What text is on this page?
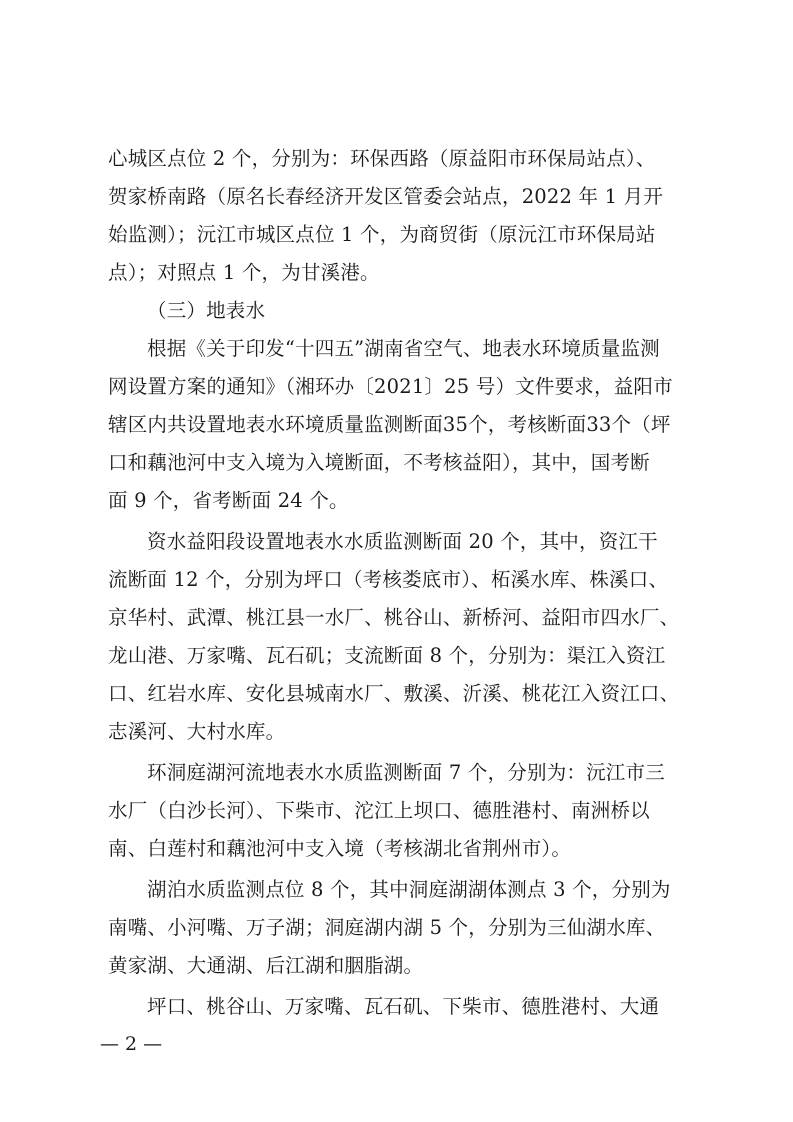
心城区点位 2 个，分别为：环保西路（原益阳市环保局站点）、
贺家桥南路（原名长春经济开发区管委会站点，2022 年 1 月开
始监测）；沅江市城区点位 1 个，为商贸街（原沅江市环保局站
点）；对照点 1 个，为甘溪港。
（三）地表水
根据《关于印发“十四五”湖南省空气、地表水环境质量监测
网设置方案的通知》（湘环办〔2021〕25 号）文件要求，益阳市
辖区内共设置地表水环境质量监测断面35个，考核断面33个（坪
口和藕池河中支入境为入境断面，不考核益阳），其中，国考断
面 9 个，省考断面 24 个。
资水益阳段设置地表水水质监测断面 20 个，其中，资江干
流断面 12 个，分别为坪口（考核娄底市）、柘溪水库、株溪口、
京华村、武潭、桃江县一水厂、桃谷山、新桥河、益阳市四水厂、
龙山港、万家嘴、瓦石矶；支流断面 8 个，分别为：渠江入资江
口、红岩水库、安化县城南水厂、敷溪、沂溪、桃花江入资江口、
志溪河、大村水库。
环洞庭湖河流地表水水质监测断面 7 个，分别为：沅江市三
水厂（白沙长河）、下柴市、沱江上坝口、德胜港村、南洲桥以
南、白莲村和藕池河中支入境（考核湖北省荆州市）。
湖泊水质监测点位 8 个，其中洞庭湖湖体测点 3 个，分别为
南嘴、小河嘴、万子湖；洞庭湖内湖 5 个，分别为三仙湖水库、
黄家湖、大通湖、后江湖和胭脂湖。
坪口、桃谷山、万家嘴、瓦石矶、下柴市、德胜港村、大通
— 2 —
